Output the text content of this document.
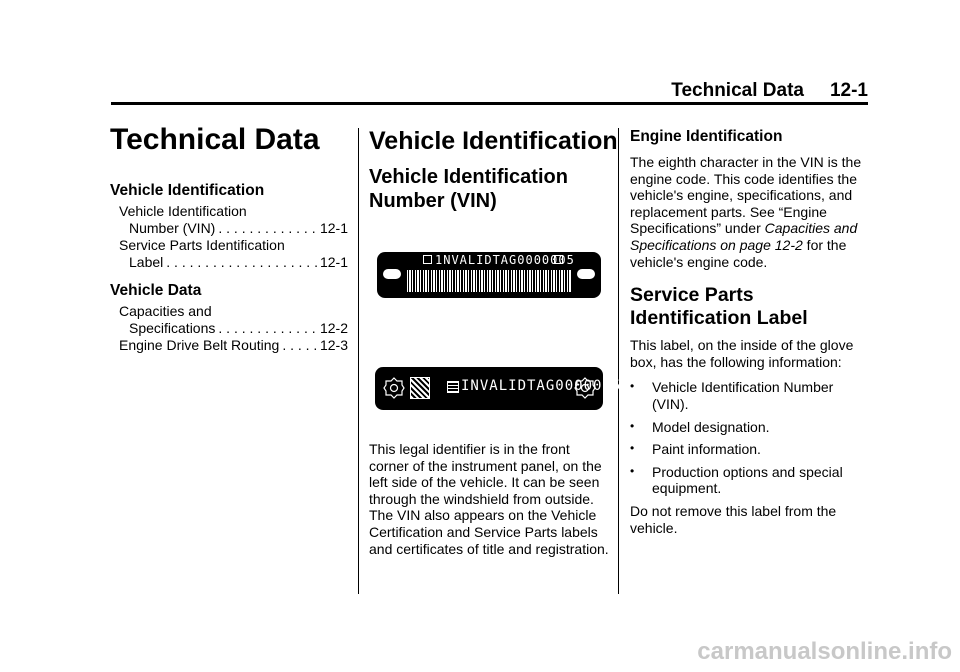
Technical Data 12-1
Technical Data
Vehicle Identification
Vehicle Identification
Number (VIN) . . .	12-1
Service Parts Identification
Label . . .	12-1
Vehicle Data
Capacities and
Specifications . . .	12-2
Engine Drive Belt Routing . . .	12-3
Vehicle Identification
Vehicle Identification
Number (VIN)
1NVALIDTAG0000005
INVALIDTAG0000005
This legal identifier is in the front corner of the instrument panel, on the left side of the vehicle. It can be seen through the windshield from outside. The VIN also appears on the Vehicle Certification and Service Parts labels and certificates of title and registration.
Engine Identification
The eighth character in the VIN is the engine code. This code identifies the vehicle's engine, specifications, and replacement parts. See “Engine Specifications” under Capacities and Specifications on page 12-2 for the vehicle's engine code.
Service Parts
Identification Label
This label, on the inside of the glove box, has the following information:
•	Vehicle Identification Number (VIN).
•	Model designation.
•	Paint information.
•	Production options and special equipment.
Do not remove this label from the vehicle.
carmanualsonline.info
